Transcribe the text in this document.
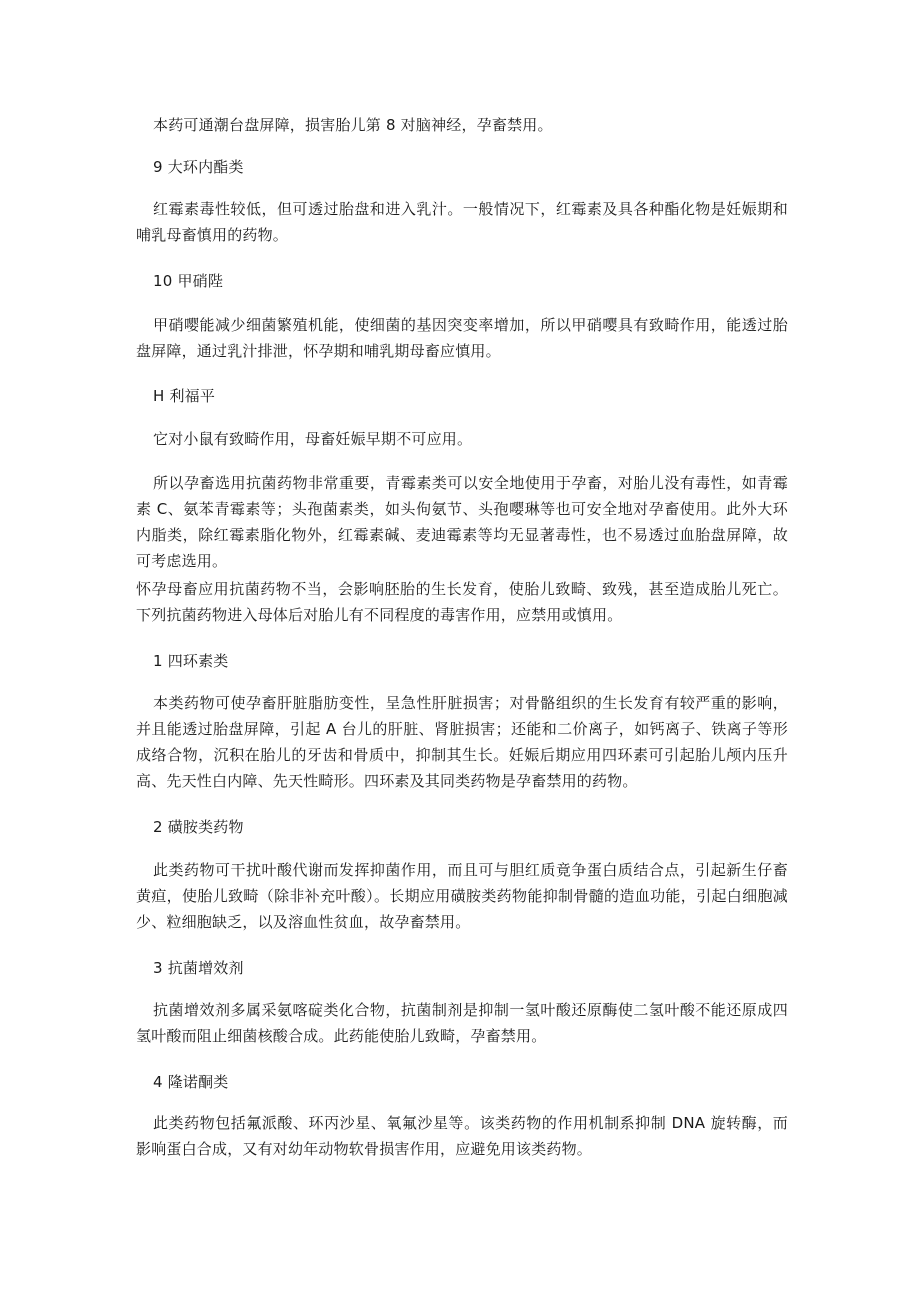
本药可通潮台盘屏障，损害胎儿第 8 对脑神经，孕畜禁用。

9 大环内酯类

红霉素毒性较低，但可透过胎盘和进入乳汁。一般情况下，红霉素及具各种酯化物是妊娠期和哺乳母畜慎用的药物。

10 甲硝陛

甲硝嘤能减少细菌繁殖机能，使细菌的基因突变率增加，所以甲硝嘤具有致畸作用，能透过胎盘屏障，通过乳汁排泄，怀孕期和哺乳期母畜应慎用。

H 利福平

它对小鼠有致畸作用，母畜妊娠早期不可应用。

所以孕畜选用抗菌药物非常重要，青霉素类可以安全地使用于孕畜，对胎儿没有毒性，如青霉素 C、氨苯青霉素等；头孢菌素类，如头佝氨节、头孢嘤琳等也可安全地对孕畜使用。此外大环内脂类，除红霉素脂化物外，红霉素碱、麦迪霉素等均无显著毒性，也不易透过血胎盘屏障，故可考虑选用。

怀孕母畜应用抗菌药物不当，会影响胚胎的生长发育，使胎儿致畸、致残，甚至造成胎儿死亡。下列抗菌药物进入母体后对胎儿有不同程度的毒害作用，应禁用或慎用。

1 四环素类

本类药物可使孕畜肝脏脂肪变性，呈急性肝脏损害；对骨骼组织的生长发育有较严重的影响，并且能透过胎盘屏障，引起 A 台儿的肝脏、肾脏损害；还能和二价离子，如钙离子、铁离子等形成络合物，沉积在胎儿的牙齿和骨质中，抑制其生长。妊娠后期应用四环素可引起胎儿颅内压升高、先天性白内障、先天性畸形。四环素及其同类药物是孕畜禁用的药物。

2 磺胺类药物

此类药物可干扰叶酸代谢而发挥抑菌作用，而且可与胆红质竟争蛋白质结合点，引起新生仔畜黄疸，使胎儿致畸（除非补充叶酸）。长期应用磺胺类药物能抑制骨髓的造血功能，引起白细胞减少、粒细胞缺乏，以及溶血性贫血，故孕畜禁用。

3 抗菌增效剂

抗菌增效剂多属采氨喀碇类化合物，抗菌制剂是抑制一氢叶酸还原酶使二氢叶酸不能还原成四氢叶酸而阻止细菌核酸合成。此药能使胎儿致畸，孕畜禁用。

4 隆诺酮类

此类药物包括氟派酸、环丙沙星、氧氟沙星等。该类药物的作用机制系抑制 DNA 旋转酶，而影响蛋白合成，又有对幼年动物软骨损害作用，应避免用该类药物。
